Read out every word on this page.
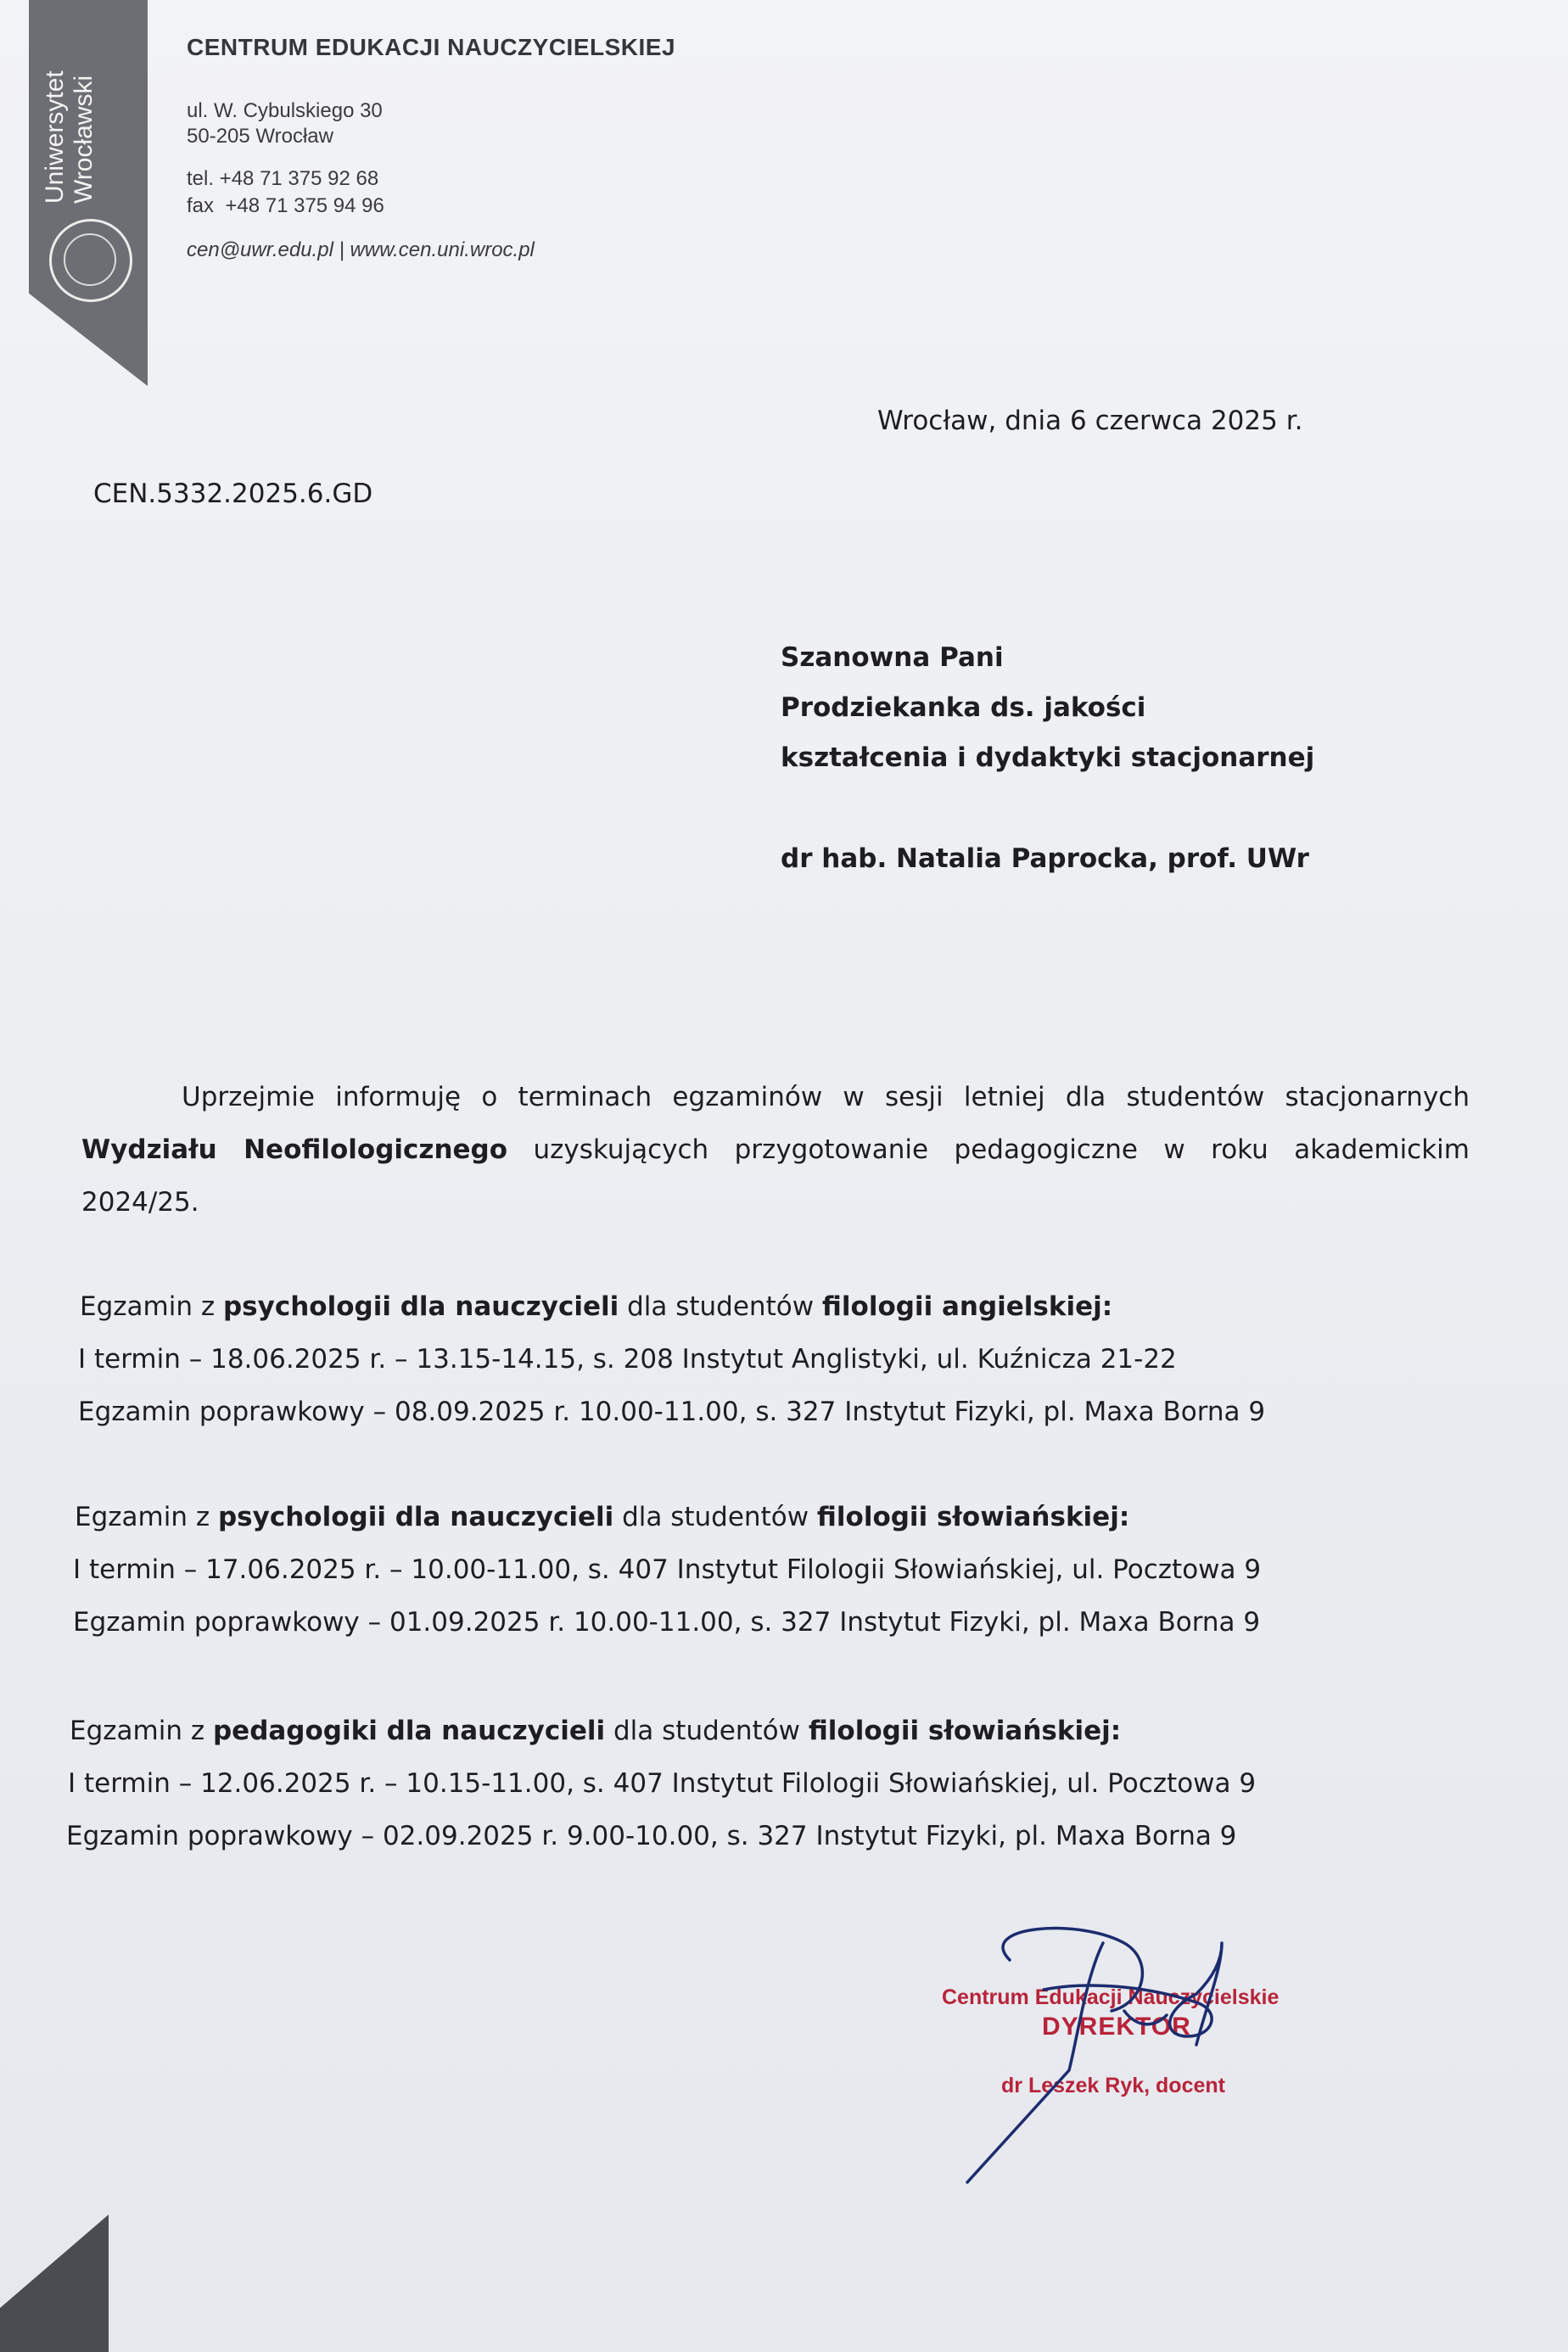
Uniwersytet Wrocławski
CENTRUM EDUKACJI NAUCZYCIELSKIEJ
ul. W. Cybulskiego 30
50-205 Wrocław
tel. +48 71 375 92 68
fax  +48 71 375 94 96
cen@uwr.edu.pl | www.cen.uni.wroc.pl
Wrocław, dnia 6 czerwca 2025 r.
CEN.5332.2025.6.GD
Szanowna Pani
Prodziekanka ds. jakości
kształcenia i dydaktyki stacjonarnej
dr hab. Natalia Paprocka, prof. UWr
Uprzejmie informuję o terminach egzaminów w sesji letniej dla studentów stacjonarnych Wydziału Neofilologicznego uzyskujących przygotowanie pedagogiczne w roku akademickim 2024/25.
Egzamin z psychologii dla nauczycieli dla studentów filologii angielskiej:
I termin – 18.06.2025 r. – 13.15-14.15, s. 208 Instytut Anglistyki, ul. Kuźnicza 21-22
Egzamin poprawkowy – 08.09.2025 r. 10.00-11.00, s. 327 Instytut Fizyki, pl. Maxa Borna 9
Egzamin z psychologii dla nauczycieli dla studentów filologii słowiańskiej:
I termin – 17.06.2025 r. – 10.00-11.00, s. 407 Instytut Filologii Słowiańskiej, ul. Pocztowa 9
Egzamin poprawkowy – 01.09.2025 r. 10.00-11.00, s. 327 Instytut Fizyki, pl. Maxa Borna 9
Egzamin z pedagogiki dla nauczycieli dla studentów filologii słowiańskiej:
I termin – 12.06.2025 r. – 10.15-11.00, s. 407 Instytut Filologii Słowiańskiej, ul. Pocztowa 9
Egzamin poprawkowy – 02.09.2025 r. 9.00-10.00, s. 327 Instytut Fizyki, pl. Maxa Borna 9
Centrum Edukacji Nauczycielskie
DYREKTOR
dr Leszek Ryk, docent
